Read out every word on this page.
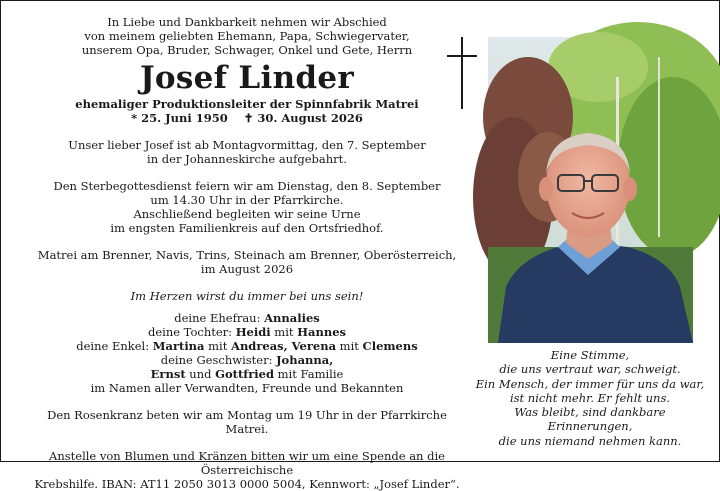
In Liebe und Dankbarkeit nehmen wir Abschied

von meinem geliebten Ehemann, Papa, Schwiegervater,

unserem Opa, Bruder, Schwager, Onkel und Gete, Herrn

Josef Linder

ehemaliger Produktionsleiter der Spinnfabrik Matrei

* 25. Juni 1950 ✝ 30. August 2026

Unser lieber Josef ist ab Montagvormittag, den 7. September

in der Johanneskirche aufgebahrt.

Den Sterbegottesdienst feiern wir am Dienstag, den 8. September

um 14.30 Uhr in der Pfarrkirche.

Anschließend begleiten wir seine Urne

im engsten Familienkreis auf den Ortsfriedhof.

Matrei am Brenner, Navis, Trins, Steinach am Brenner, Oberösterreich,

im August 2026

Im Herzen wirst du immer bei uns sein!

deine Ehefrau: Annalies

deine Tochter: Heidi mit Hannes

deine Enkel: Martina mit Andreas, Verena mit Clemens

deine Geschwister: Johanna,

Ernst und Gottfried mit Familie

im Namen aller Verwandten, Freunde und Bekannten

Den Rosenkranz beten wir am Montag um 19 Uhr in der Pfarrkirche Matrei.

Anstelle von Blumen und Kränzen bitten wir um eine Spende an die Österreichische

Krebshilfe. IBAN: AT11 2050 3013 0000 5004, Kennwort: „Josef Linder“.

Eine Stimme,

die uns vertraut war, schweigt.

Ein Mensch, der immer für uns da war,

ist nicht mehr. Er fehlt uns.

Was bleibt, sind dankbare Erinnerungen,

die uns niemand nehmen kann.
